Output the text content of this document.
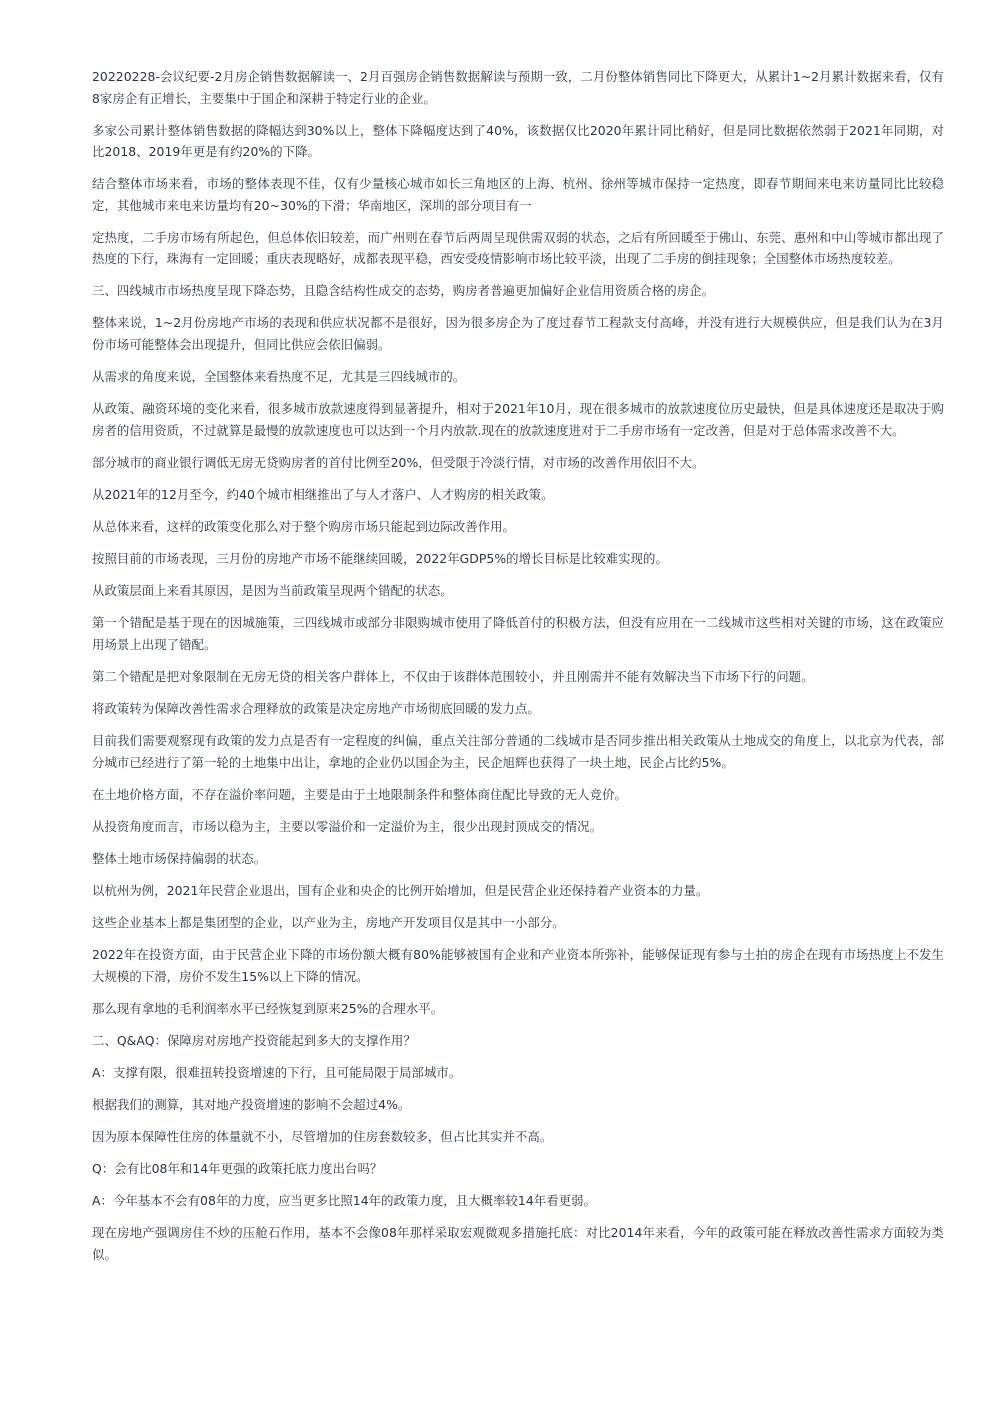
20220228-会议纪要-2月房企销售数据解读一、2月百强房企销售数据解读与预期一致，二月份整体销售同比下降更大，从累计1~2月累计数据来看，仅有8家房企有正增长，主要集中于国企和深耕于特定行业的企业。

多家公司累计整体销售数据的降幅达到30%以上，整体下降幅度达到了40%，该数据仅比2020年累计同比稍好，但是同比数据依然弱于2021年同期，对比2018、2019年更是有约20%的下降。

结合整体市场来看，市场的整体表现不佳，仅有少量核心城市如长三角地区的上海、杭州、徐州等城市保持一定热度，即春节期间来电来访量同比比较稳定，其他城市来电来访量均有20~30%的下滑；华南地区，深圳的部分项目有一

定热度，二手房市场有所起色，但总体依旧较差，而广州则在春节后两周呈现供需双弱的状态，之后有所回暖至于佛山、东莞、惠州和中山等城市都出现了热度的下行，珠海有一定回暖；重庆表现略好，成都表现平稳，西安受疫情影响市场比较平淡，出现了二手房的倒挂现象；全国整体市场热度较差。

三、四线城市市场热度呈现下降态势，且隐含结构性成交的态势，购房者普遍更加偏好企业信用资质合格的房企。

整体来说，1~2月份房地产市场的表现和供应状况都不是很好，因为很多房企为了度过春节工程款支付高峰，并没有进行大规模供应，但是我们认为在3月份市场可能整体会出现提升，但同比供应会依旧偏弱。

从需求的角度来说，全国整体来看热度不足，尤其是三四线城市的。

从政策、融资环境的变化来看，很多城市放款速度得到显著提升，相对于2021年10月，现在很多城市的放款速度位历史最快，但是具体速度还是取决于购房者的信用资质，不过就算是最慢的放款速度也可以达到一个月内放款.现在的放款速度进对于二手房市场有一定改善，但是对于总体需求改善不大。

部分城市的商业银行调低无房无贷购房者的首付比例至20%，但受限于冷淡行情，对市场的改善作用依旧不大。

从2021年的12月至今，约40个城市相继推出了与人才落户、人才购房的相关政策。

从总体来看，这样的政策变化那么对于整个购房市场只能起到边际改善作用。

按照目前的市场表现，三月份的房地产市场不能继续回暖，2022年GDP5%的增长目标是比较难实现的。

从政策层面上来看其原因，是因为当前政策呈现两个错配的状态。

第一个错配是基于现在的因城施策，三四线城市或部分非限购城市使用了降低首付的积极方法，但没有应用在一二线城市这些相对关键的市场，这在政策应用场景上出现了错配。

第二个错配是把对象限制在无房无贷的相关客户群体上，不仅由于该群体范围较小，并且刚需并不能有效解决当下市场下行的问题。

将政策转为保障改善性需求合理释放的政策是决定房地产市场彻底回暖的发力点。

目前我们需要观察现有政策的发力点是否有一定程度的纠偏，重点关注部分普通的二线城市是否同步推出相关政策从土地成交的角度上，以北京为代表，部分城市已经进行了第一轮的土地集中出让，拿地的企业仍以国企为主，民企旭辉也获得了一块土地，民企占比约5%。

在土地价格方面，不存在溢价率问题，主要是由于土地限制条件和整体商住配比导致的无人竞价。

从投资角度而言，市场以稳为主，主要以零溢价和一定溢价为主，很少出现封顶成交的情况。

整体土地市场保持偏弱的状态。

以杭州为例，2021年民营企业退出，国有企业和央企的比例开始增加，但是民营企业还保持着产业资本的力量。

这些企业基本上都是集团型的企业，以产业为主，房地产开发项目仅是其中一小部分。

2022年在投资方面，由于民营企业下降的市场份额大概有80%能够被国有企业和产业资本所弥补，能够保证现有参与土拍的房企在现有市场热度上不发生大规模的下滑，房价不发生15%以上下降的情况。

那么现有拿地的毛利润率水平已经恢复到原来25%的合理水平。

二、Q&AQ：保障房对房地产投资能起到多大的支撑作用？

A：支撑有限，很难扭转投资增速的下行，且可能局限于局部城市。

根据我们的测算，其对地产投资增速的影响不会超过4%。

因为原本保障性住房的体量就不小，尽管增加的住房套数较多，但占比其实并不高。

Q：会有比08年和14年更强的政策托底力度出台吗？

A：今年基本不会有08年的力度，应当更多比照14年的政策力度，且大概率较14年看更弱。

现在房地产强调房住不炒的压舱石作用，基本不会像08年那样采取宏观微观多措施托底：对比2014年来看，今年的政策可能在释放改善性需求方面较为类似。
